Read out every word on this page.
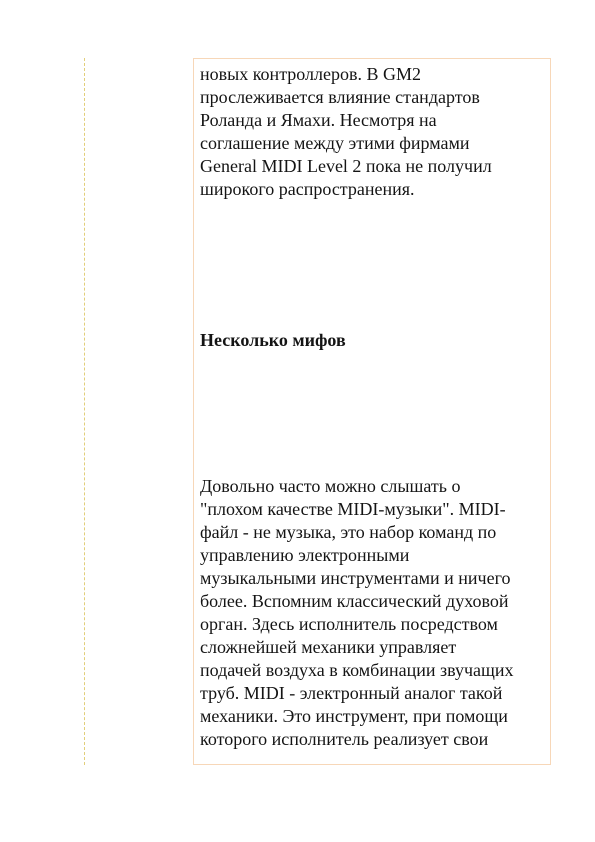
новых контроллеров. В GM2
прослеживается влияние стандартов
Роланда и Ямахи. Несмотря на
соглашение между этими фирмами
General MIDI Level 2 пока не получил
широкого распространения.

Несколько мифов

Довольно часто можно слышать о
"плохом качестве MIDI-музыки". MIDI-
файл - не музыка, это набор команд по
управлению электронными
музыкальными инструментами и ничего
более. Вспомним классический духовой
орган. Здесь исполнитель посредством
сложнейшей механики управляет
подачей воздуха в комбинации звучащих
труб. MIDI - электронный аналог такой
механики. Это инструмент, при помощи
которого исполнитель реализует свои
